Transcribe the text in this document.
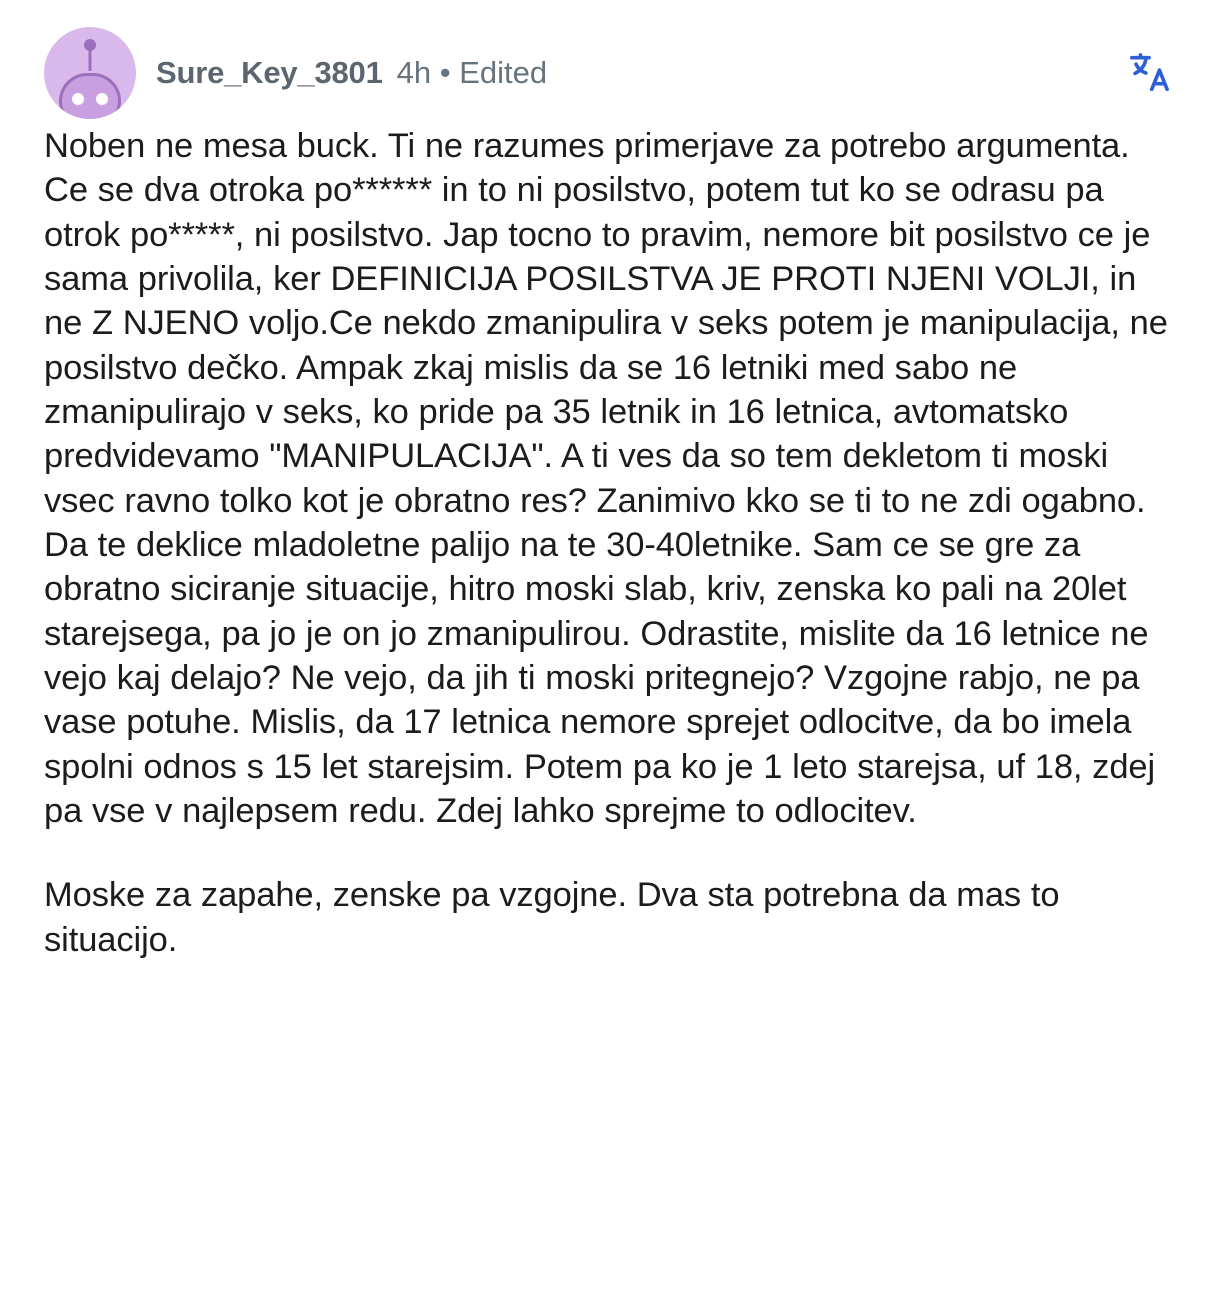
Sure_Key_3801 4h • Edited

Noben ne mesa buck. Ti ne razumes primerjave za potrebo argumenta. Ce se dva otroka po****** in to ni posilstvo, potem tut ko se odrasu pa otrok po*****, ni posilstvo. Jap tocno to pravim, nemore bit posilstvo ce je sama privolila, ker DEFINICIJA POSILSTVA JE PROTI NJENI VOLJI, in ne Z NJENO voljo.Ce nekdo zmanipulira v seks potem je manipulacija, ne posilstvo dečko. Ampak zkaj mislis da se 16 letniki med sabo ne zmanipulirajo v seks, ko pride pa 35 letnik in 16 letnica, avtomatsko predvidevamo "MANIPULACIJA". A ti ves da so tem dekletom ti moski vsec ravno tolko kot je obratno res? Zanimivo kko se ti to ne zdi ogabno. Da te deklice mladoletne palijo na te 30-40letnike. Sam ce se gre za obratno siciranje situacije, hitro moski slab, kriv, zenska ko pali na 20let starejsega, pa jo je on jo zmanipulirou. Odrastite, mislite da 16 letnice ne vejo kaj delajo? Ne vejo, da jih ti moski pritegnejo? Vzgojne rabjo, ne pa vase potuhe. Mislis, da 17 letnica nemore sprejet odlocitve, da bo imela spolni odnos s 15 let starejsim. Potem pa ko je 1 leto starejsa, uf 18, zdej pa vse v najlepsem redu. Zdej lahko sprejme to odlocitev.

Moske za zapahe, zenske pa vzgojne. Dva sta potrebna da mas to situacijo.
